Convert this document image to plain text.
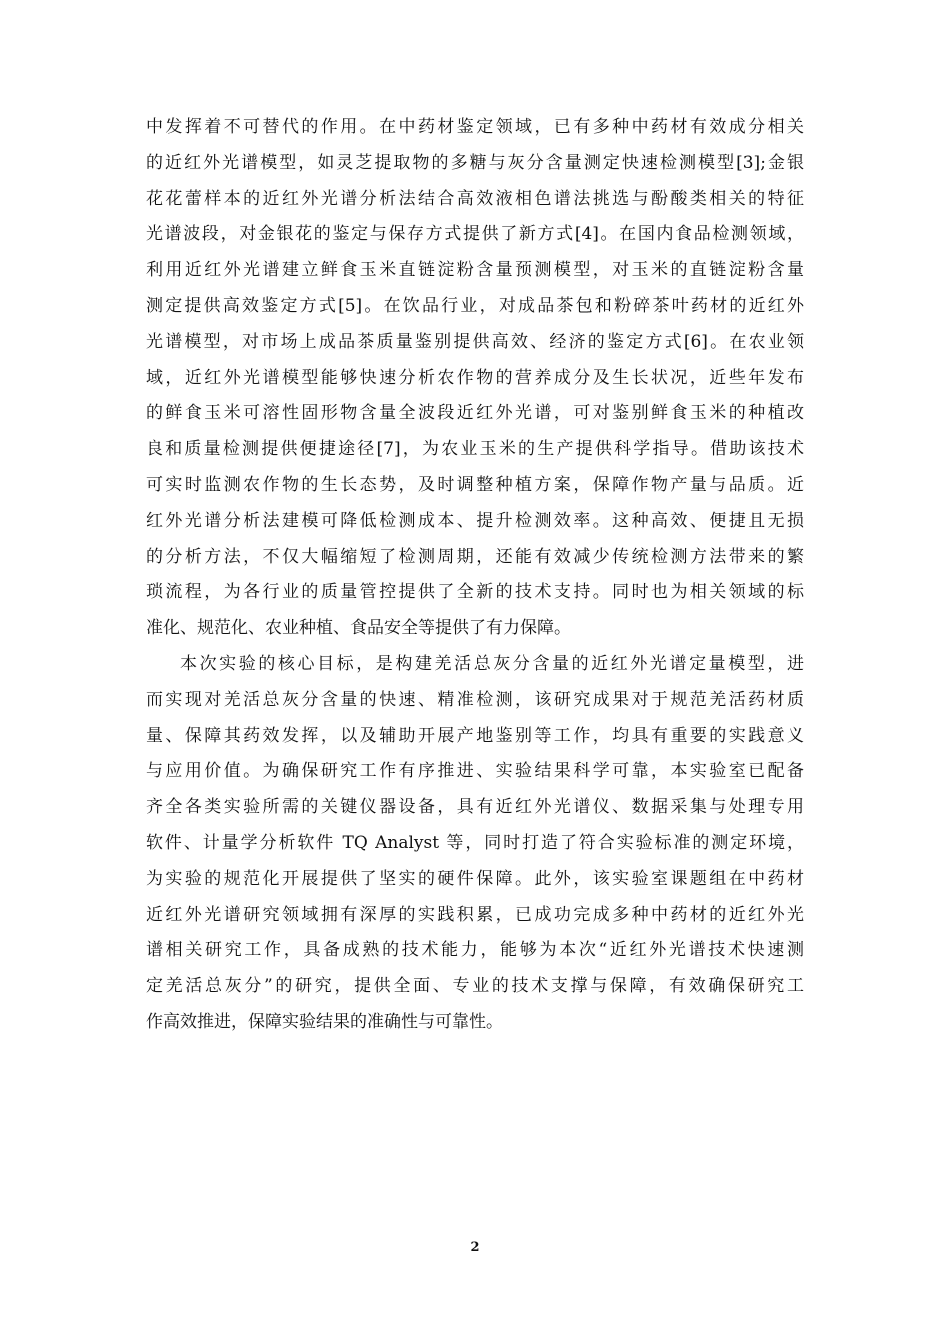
中发挥着不可替代的作用。在中药材鉴定领域，已有多种中药材有效成分相关
的近红外光谱模型，如灵芝提取物的多糖与灰分含量测定快速检测模型[3];金银
花花蕾样本的近红外光谱分析法结合高效液相色谱法挑选与酚酸类相关的特征
光谱波段，对金银花的鉴定与保存方式提供了新方式[4]。在国内食品检测领域，
利用近红外光谱建立鲜食玉米直链淀粉含量预测模型，对玉米的直链淀粉含量
测定提供高效鉴定方式[5]。在饮品行业，对成品茶包和粉碎茶叶药材的近红外
光谱模型，对市场上成品茶质量鉴别提供高效、经济的鉴定方式[6]。在农业领
域，近红外光谱模型能够快速分析农作物的营养成分及生长状况，近些年发布
的鲜食玉米可溶性固形物含量全波段近红外光谱，可对鉴别鲜食玉米的种植改
良和质量检测提供便捷途径[7]，为农业玉米的生产提供科学指导。借助该技术
可实时监测农作物的生长态势，及时调整种植方案，保障作物产量与品质。近
红外光谱分析法建模可降低检测成本、提升检测效率。这种高效、便捷且无损
的分析方法，不仅大幅缩短了检测周期，还能有效减少传统检测方法带来的繁
琐流程，为各行业的质量管控提供了全新的技术支持。同时也为相关领域的标
准化、规范化、农业种植、食品安全等提供了有力保障。
本次实验的核心目标，是构建羌活总灰分含量的近红外光谱定量模型，进
而实现对羌活总灰分含量的快速、精准检测，该研究成果对于规范羌活药材质
量、保障其药效发挥，以及辅助开展产地鉴别等工作，均具有重要的实践意义
与应用价值。为确保研究工作有序推进、实验结果科学可靠，本实验室已配备
齐全各类实验所需的关键仪器设备，具有近红外光谱仪、数据采集与处理专用
软件、计量学分析软件 TQ Analyst 等，同时打造了符合实验标准的测定环境，
为实验的规范化开展提供了坚实的硬件保障。此外，该实验室课题组在中药材
近红外光谱研究领域拥有深厚的实践积累，已成功完成多种中药材的近红外光
谱相关研究工作，具备成熟的技术能力，能够为本次“近红外光谱技术快速测
定羌活总灰分”的研究，提供全面、专业的技术支撑与保障，有效确保研究工
作高效推进，保障实验结果的准确性与可靠性。
2
